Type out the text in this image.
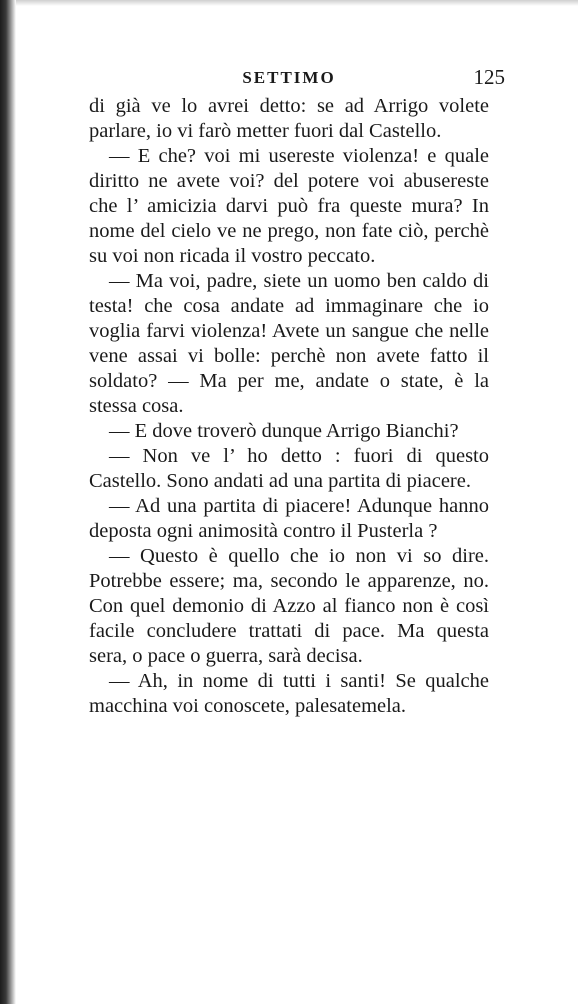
SETTIMO	125

di già ve lo avrei detto: se ad Arrigo volete parlare, io vi farò metter fuori dal Castello.

— E che? voi mi usereste violenza! e quale diritto ne avete voi? del potere voi abusereste che l’ amicizia darvi può fra queste mura? In nome del cielo ve ne prego, non fate ciò, perchè su voi non ricada il vostro peccato.

— Ma voi, padre, siete un uomo ben caldo di testa! che cosa andate ad immaginare che io voglia farvi violenza! Avete un sangue che nelle vene assai vi bolle: perchè non avete fatto il soldato? — Ma per me, andate o state, è la stessa cosa.

— E dove troverò dunque Arrigo Bianchi?

— Non ve l’ ho detto : fuori di questo Castello. Sono andati ad una partita di piacere.

— Ad una partita di piacere! Adunque hanno deposta ogni animosità contro il Pusterla ?

— Questo è quello che io non vi so dire. Potrebbe essere; ma, secondo le apparenze, no. Con quel demonio di Azzo al fianco non è così facile concludere trattati di pace. Ma questa sera, o pace o guerra, sarà decisa.

— Ah, in nome di tutti i santi! Se qualche macchina voi conoscete, palesatemela.
